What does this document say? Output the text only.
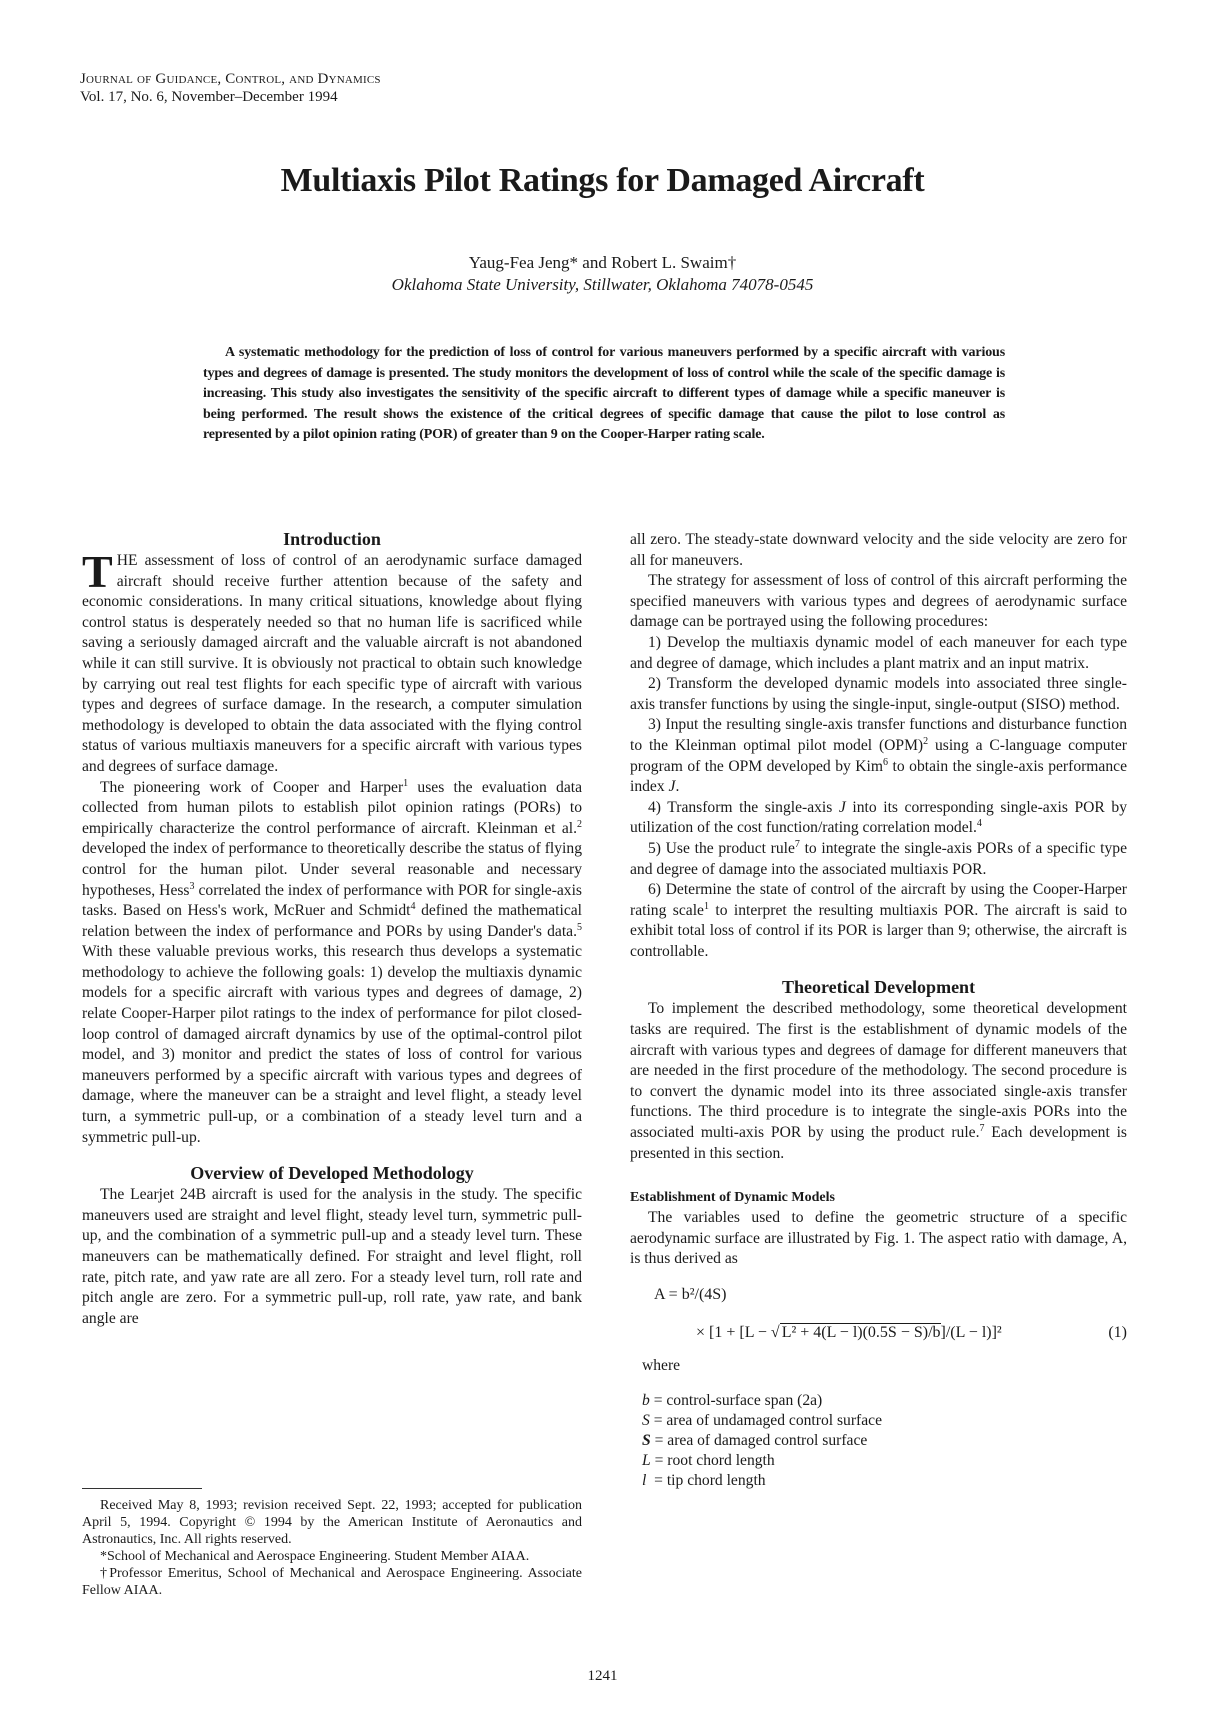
Journal of Guidance, Control, and Dynamics
Vol. 17, No. 6, November–December 1994
Multiaxis Pilot Ratings for Damaged Aircraft
Yaug-Fea Jeng* and Robert L. Swaim†
Oklahoma State University, Stillwater, Oklahoma 74078-0545

A systematic methodology for the prediction of loss of control for various maneuvers performed by a specific aircraft with various types and degrees of damage is presented. The study monitors the development of loss of control while the scale of the specific damage is increasing. This study also investigates the sensitivity of the specific aircraft to different types of damage while a specific maneuver is being performed. The result shows the existence of the critical degrees of specific damage that cause the pilot to lose control as represented by a pilot opinion rating (POR) of greater than 9 on the Cooper-Harper rating scale.

Introduction

THE assessment of loss of control of an aerodynamic surface damaged aircraft should receive further attention because of the safety and economic considerations. In many critical situations, knowledge about flying control status is desperately needed so that no human life is sacrificed while saving a seriously damaged aircraft and the valuable aircraft is not abandoned while it can still survive. It is obviously not practical to obtain such knowledge by carrying out real test flights for each specific type of aircraft with various types and degrees of surface damage. In the research, a computer simulation methodology is developed to obtain the data associated with the flying control status of various multiaxis maneuvers for a specific aircraft with various types and degrees of surface damage.

The pioneering work of Cooper and Harper$^1$ uses the evaluation data collected from human pilots to establish pilot opinion ratings (PORs) to empirically characterize the control performance of aircraft. Kleinman et al.$^2$ developed the index of performance to theoretically describe the status of flying control for the human pilot. Under several reasonable and necessary hypotheses, Hess$^3$ correlated the index of performance with POR for single-axis tasks. Based on Hess's work, McRuer and Schmidt$^4$ defined the mathematical relation between the index of performance and PORs by using Dander's data.$^5$ With these valuable previous works, this research thus develops a systematic methodology to achieve the following goals: 1) develop the multiaxis dynamic models for a specific aircraft with various types and degrees of damage, 2) relate Cooper-Harper pilot ratings to the index of performance for pilot closed-loop control of damaged aircraft dynamics by use of the optimal-control pilot model, and 3) monitor and predict the states of loss of control for various maneuvers performed by a specific aircraft with various types and degrees of damage, where the maneuver can be a straight and level flight, a steady level turn, a symmetric pull-up, or a combination of a steady level turn and a symmetric pull-up.

Overview of Developed Methodology

The Learjet 24B aircraft is used for the analysis in the study. The specific maneuvers used are straight and level flight, steady level turn, symmetric pull-up, and the combination of a symmetric pull-up and a steady level turn. These maneuvers can be mathematically defined. For straight and level flight, roll rate, pitch rate, and yaw rate are all zero. For a steady level turn, roll rate and pitch angle are zero. For a symmetric pull-up, roll rate, yaw rate, and bank angle are

all zero. The steady-state downward velocity and the side velocity are zero for all for maneuvers.

The strategy for assessment of loss of control of this aircraft performing the specified maneuvers with various types and degrees of aerodynamic surface damage can be portrayed using the following procedures:

1) Develop the multiaxis dynamic model of each maneuver for each type and degree of damage, which includes a plant matrix and an input matrix.

2) Transform the developed dynamic models into associated three single-axis transfer functions by using the single-input, single-output (SISO) method.

3) Input the resulting single-axis transfer functions and disturbance function to the Kleinman optimal pilot model (OPM)$^2$ using a C-language computer program of the OPM developed by Kim$^6$ to obtain the single-axis performance index J.

4) Transform the single-axis J into its corresponding single-axis POR by utilization of the cost function/rating correlation model.$^4$

5) Use the product rule$^7$ to integrate the single-axis PORs of a specific type and degree of damage into the associated multiaxis POR.

6) Determine the state of control of the aircraft by using the Cooper-Harper rating scale$^1$ to interpret the resulting multiaxis POR. The aircraft is said to exhibit total loss of control if its POR is larger than 9; otherwise, the aircraft is controllable.

Theoretical Development

To implement the described methodology, some theoretical development tasks are required. The first is the establishment of dynamic models of the aircraft with various types and degrees of damage for different maneuvers that are needed in the first procedure of the methodology. The second procedure is to convert the dynamic model into its three associated single-axis transfer functions. The third procedure is to integrate the single-axis PORs into the associated multi-axis POR by using the product rule.$^7$ Each development is presented in this section.

Establishment of Dynamic Models

The variables used to define the geometric structure of a specific aerodynamic surface are illustrated by Fig. 1. The aspect ratio with damage, A, is thus derived as

A = b²/(4S)
× [1 + [L − √ L² + 4(L − l)(0.5S − S)/b]/(L − l)]²	(1)
where
b = control-surface span (2a)
S = area of undamaged control surface
S = area of damaged control surface
L = root chord length
l  = tip chord length

Received May 8, 1993; revision received Sept. 22, 1993; accepted for publication April 5, 1994. Copyright © 1994 by the American Institute of Aeronautics and Astronautics, Inc. All rights reserved.

*School of Mechanical and Aerospace Engineering. Student Member AIAA.

†Professor Emeritus, School of Mechanical and Aerospace Engineering. Associate Fellow AIAA.

1241
